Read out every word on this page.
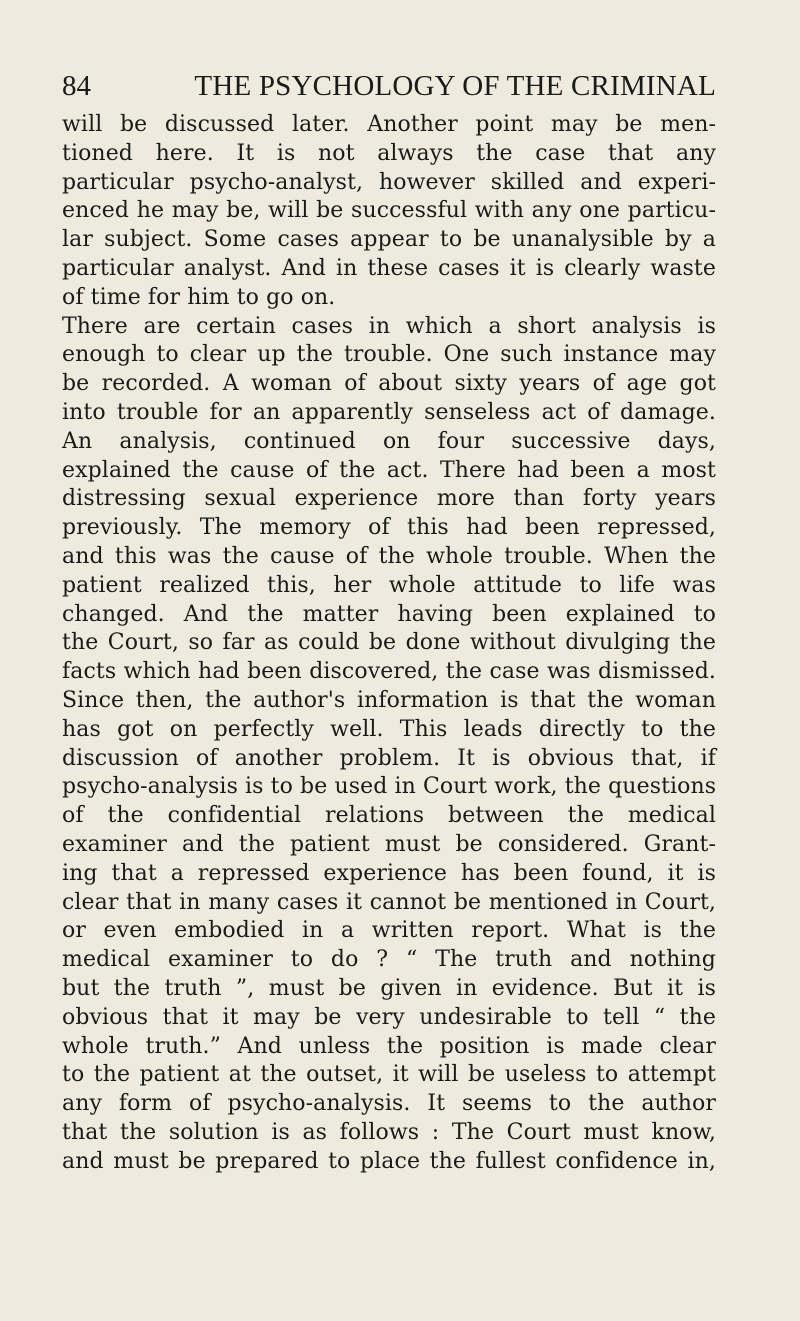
84	THE PSYCHOLOGY OF THE CRIMINAL
will be discussed later. Another point may be men-
tioned here. It is not always the case that any
particular psycho-analyst, however skilled and experi-
enced he may be, will be successful with any one particu-
lar subject. Some cases appear to be unanalysible by a
particular analyst. And in these cases it is clearly waste
of time for him to go on.
There are certain cases in which a short analysis is
enough to clear up the trouble. One such instance may
be recorded. A woman of about sixty years of age got
into trouble for an apparently senseless act of damage.
An analysis, continued on four successive days,
explained the cause of the act. There had been a most
distressing sexual experience more than forty years
previously. The memory of this had been repressed,
and this was the cause of the whole trouble. When the
patient realized this, her whole attitude to life was
changed. And the matter having been explained to
the Court, so far as could be done without divulging the
facts which had been discovered, the case was dismissed.
Since then, the author's information is that the woman
has got on perfectly well. This leads directly to the
discussion of another problem. It is obvious that, if
psycho-analysis is to be used in Court work, the questions
of the confidential relations between the medical
examiner and the patient must be considered. Grant-
ing that a repressed experience has been found, it is
clear that in many cases it cannot be mentioned in Court,
or even embodied in a written report. What is the
medical examiner to do ? “ The truth and nothing
but the truth ”, must be given in evidence. But it is
obvious that it may be very undesirable to tell “ the
whole truth.” And unless the position is made clear
to the patient at the outset, it will be useless to attempt
any form of psycho-analysis. It seems to the author
that the solution is as follows : The Court must know,
and must be prepared to place the fullest confidence in,
